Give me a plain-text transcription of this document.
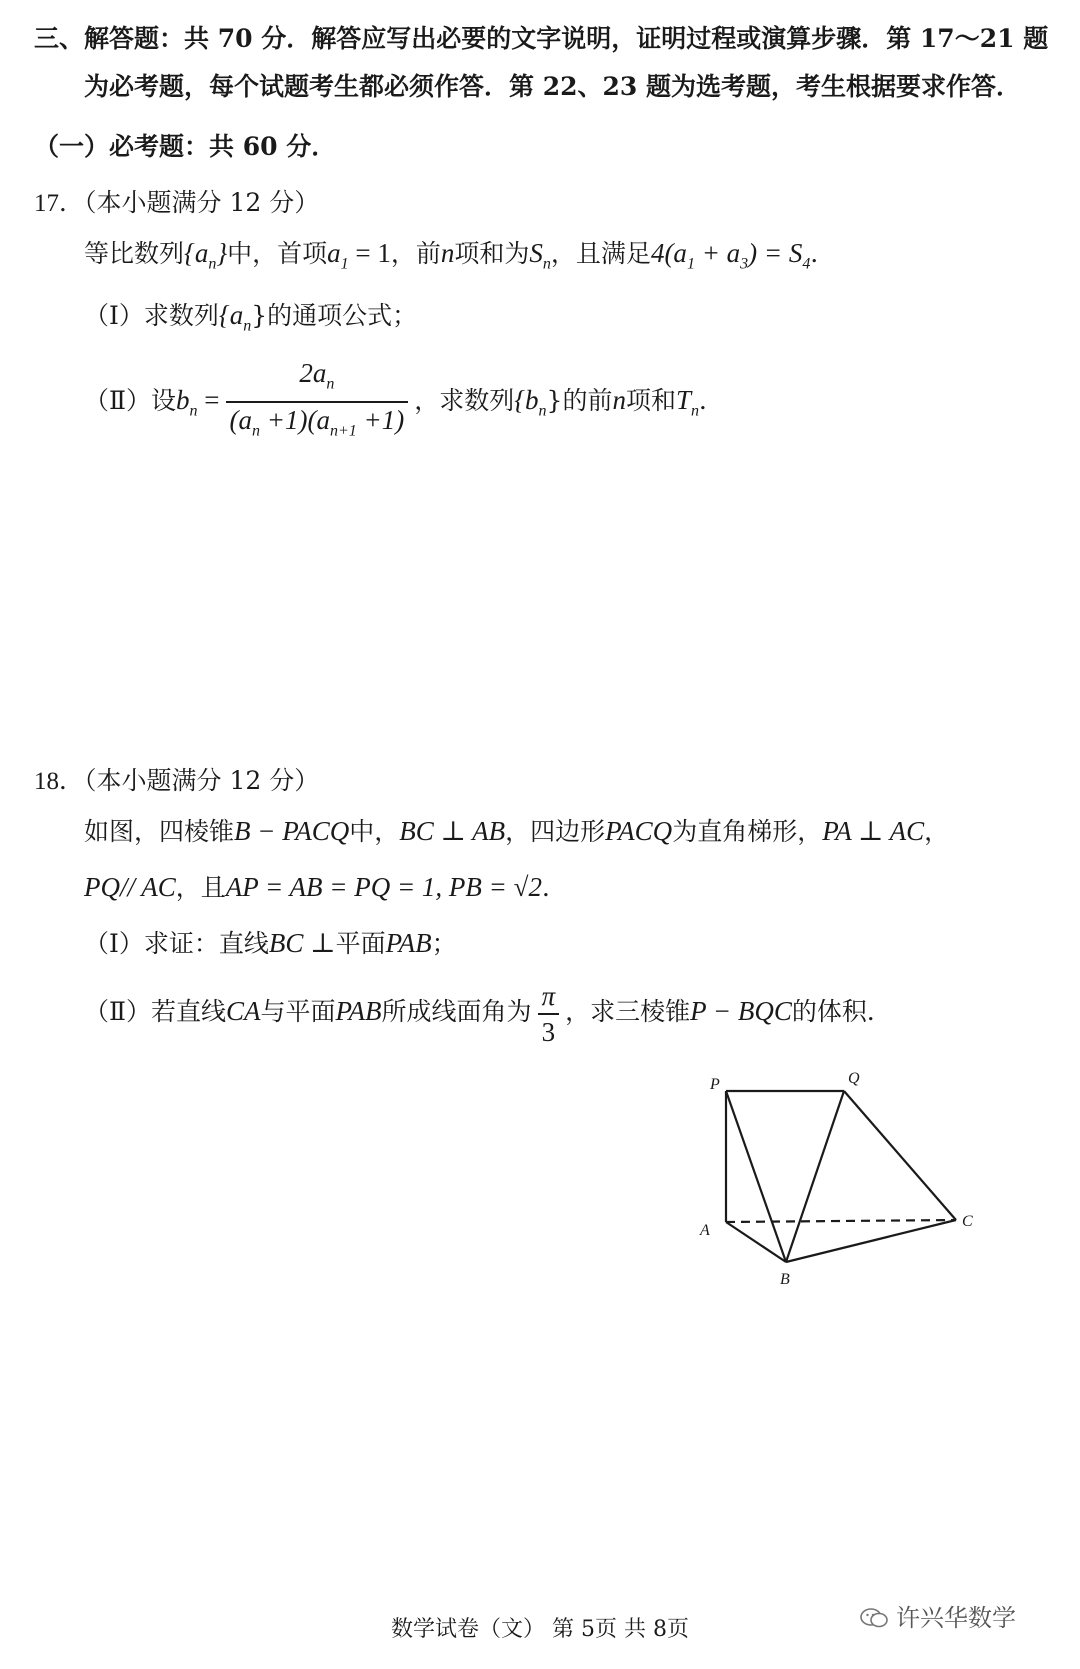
三、解答题：共 70 分．解答应写出必要的文字说明，证明过程或演算步骤．第 17～21 题
为必考题，每个试题考生都必须作答．第 22、23 题为选考题，考生根据要求作答．
（一）必考题：共 60 分．
17．（本小题满分 12 分）
等比数列$\{a_n\}$中，首项$a_1 = 1$，前n项和为$S_n$，且满足$4(a_1 + a_3) = S_4$．
（Ⅰ）求数列$\{a_n\}$的通项公式；
（Ⅱ）设$b_n = \frac{2a_n}{(a_n +1)(a_{n+1} +1)}$ ，求数列$\{b_n\}$的前n项和$T_n$．
18．（本小题满分 12 分）
如图，四棱锥B − PACQ中，BC ⊥ AB，四边形PACQ为直角梯形，PA ⊥ AC，
PQ// AC，且AP = AB = PQ = 1, PB = √2．
（Ⅰ）求证：直线BC ⊥平面PAB；
（Ⅱ）若直线CA与平面PAB所成线面角为 $\frac{\pi}{3}$ ，求三棱锥P − BQC的体积．
P	Q
A
B
C
数学试卷（文） 第 5页 共 8页	许兴华数学
